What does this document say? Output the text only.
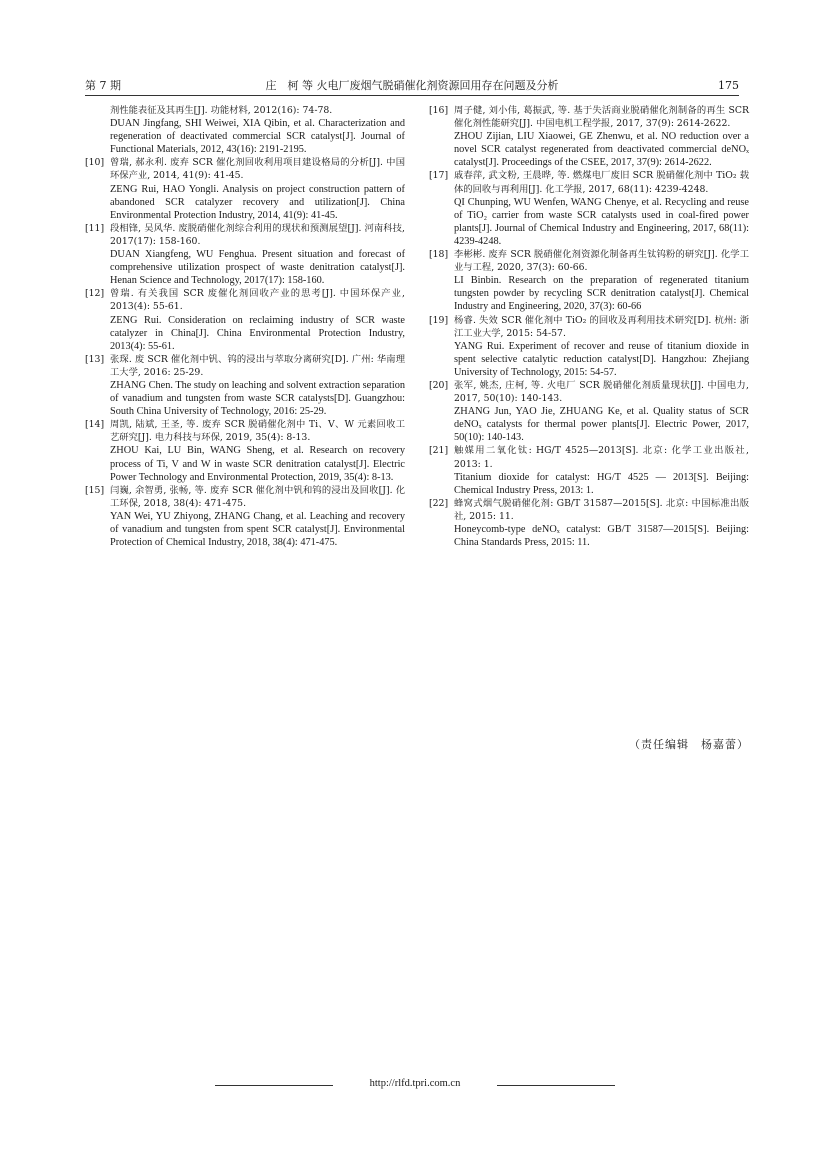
第 7 期	庄　柯 等 火电厂废烟气脱硝催化剂资源回用存在问题及分析	175
剂性能表征及其再生[J]. 功能材料, 2012(16): 74-78.
DUAN Jingfang, SHI Weiwei, XIA Qibin, et al. Characterization and regeneration of deactivated commercial SCR catalyst[J]. Journal of Functional Materials, 2012, 43(16): 2191-2195.
[10] 曾瑞, 郝永利. 废弃 SCR 催化剂回收利用项目建设格局的分析[J]. 中国环保产业, 2014, 41(9): 41-45.
ZENG Rui, HAO Yongli. Analysis on project construction pattern of abandoned SCR catalyzer recovery and utilization[J]. China Environmental Protection Industry, 2014, 41(9): 41-45.
[11] 段相锋, 吴风华. 废脱硝催化剂综合利用的现状和预测展望[J]. 河南科技, 2017(17): 158-160.
DUAN Xiangfeng, WU Fenghua. Present situation and forecast of comprehensive utilization prospect of waste denitration catalyst[J]. Henan Science and Technology, 2017(17): 158-160.
[12] 曾瑞. 有关我国 SCR 废催化剂回收产业的思考[J]. 中国环保产业, 2013(4): 55-61.
ZENG Rui. Consideration on reclaiming industry of SCR waste catalyzer in China[J]. China Environmental Protection Industry, 2013(4): 55-61.
[13] 张琛. 废 SCR 催化剂中钒、钨的浸出与萃取分离研究[D]. 广州: 华南理工大学, 2016: 25-29.
ZHANG Chen. The study on leaching and solvent extraction separation of vanadium and tungsten from waste SCR catalysts[D]. Guangzhou: South China University of Technology, 2016: 25-29.
[14] 周凯, 陆斌, 王圣, 等. 废弃 SCR 脱硝催化剂中 Ti、V、W 元素回收工艺研究[J]. 电力科技与环保, 2019, 35(4): 8-13.
ZHOU Kai, LU Bin, WANG Sheng, et al. Research on recovery process of Ti, V and W in waste SCR denitration catalyst[J]. Electric Power Technology and Environmental Protection, 2019, 35(4): 8-13.
[15] 闫巍, 余智勇, 张畅, 等. 废弃 SCR 催化剂中钒和钨的浸出及回收[J]. 化工环保, 2018, 38(4): 471-475.
YAN Wei, YU Zhiyong, ZHANG Chang, et al. Leaching and recovery of vanadium and tungsten from spent SCR catalyst[J]. Environmental Protection of Chemical Industry, 2018, 38(4): 471-475.
[16] 周子健, 刘小伟, 葛振武, 等. 基于失活商业脱硝催化剂制备的再生 SCR 催化剂性能研究[J]. 中国电机工程学报, 2017, 37(9): 2614-2622.
ZHOU Zijian, LIU Xiaowei, GE Zhenwu, et al. NO reduction over a novel SCR catalyst regenerated from deactivated commercial deNOₓ catalyst[J]. Proceedings of the CSEE, 2017, 37(9): 2614-2622.
[17] 戚春萍, 武文粉, 王晨晔, 等. 燃煤电厂废旧 SCR 脱硝催化剂中 TiO₂ 载体的回收与再利用[J]. 化工学报, 2017, 68(11): 4239-4248.
QI Chunping, WU Wenfen, WANG Chenye, et al. Recycling and reuse of TiO₂ carrier from waste SCR catalysts used in coal-fired power plants[J]. Journal of Chemical Industry and Engineering, 2017, 68(11): 4239-4248.
[18] 李彬彬. 废弃 SCR 脱硝催化剂资源化制备再生钛钨粉的研究[J]. 化学工业与工程, 2020, 37(3): 60-66.
LI Binbin. Research on the preparation of regenerated titanium tungsten powder by recycling SCR denitration catalyst[J]. Chemical Industry and Engineering, 2020, 37(3): 60-66
[19] 杨睿. 失效 SCR 催化剂中 TiO₂ 的回收及再利用技术研究[D]. 杭州: 浙江工业大学, 2015: 54-57.
YANG Rui. Experiment of recover and reuse of titanium dioxide in spent selective catalytic reduction catalyst[D]. Hangzhou: Zhejiang University of Technology, 2015: 54-57.
[20] 张军, 姚杰, 庄柯, 等. 火电厂 SCR 脱硝催化剂质量现状[J]. 中国电力, 2017, 50(10): 140-143.
ZHANG Jun, YAO Jie, ZHUANG Ke, et al. Quality status of SCR deNOₓ catalysts for thermal power plants[J]. Electric Power, 2017, 50(10): 140-143.
[21] 触媒用二氧化钛: HG/T 4525—2013[S]. 北京: 化学工业出版社, 2013: 1.
Titanium dioxide for catalyst: HG/T 4525 — 2013[S]. Beijing: Chemical Industry Press, 2013: 1.
[22] 蜂窝式烟气脱硝催化剂: GB/T 31587—2015[S]. 北京: 中国标准出版社, 2015: 11.
Honeycomb-type deNOₓ catalyst: GB/T 31587—2015[S]. Beijing: China Standards Press, 2015: 11.
（责任编辑　杨嘉蕾）
http://rlfd.tpri.com.cn
